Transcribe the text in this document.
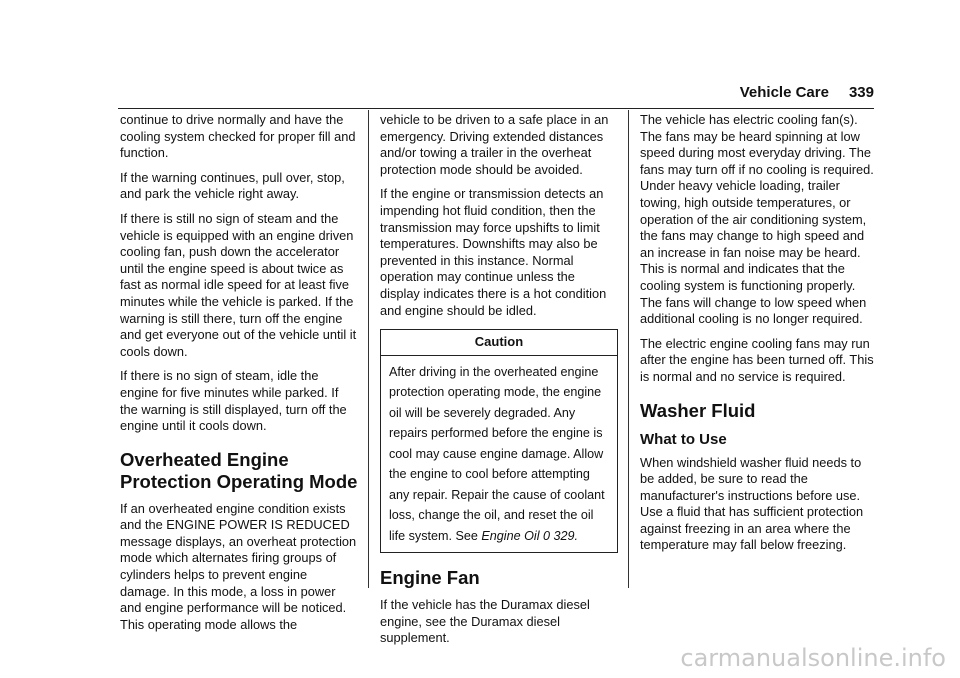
Vehicle Care 339

continue to drive normally and have the cooling system checked for proper fill and function.

If the warning continues, pull over, stop, and park the vehicle right away.

If there is still no sign of steam and the vehicle is equipped with an engine driven cooling fan, push down the accelerator until the engine speed is about twice as fast as normal idle speed for at least five minutes while the vehicle is parked. If the warning is still there, turn off the engine and get everyone out of the vehicle until it cools down.

If there is no sign of steam, idle the engine for five minutes while parked. If the warning is still displayed, turn off the engine until it cools down.

Overheated Engine Protection Operating Mode

If an overheated engine condition exists and the ENGINE POWER IS REDUCED message displays, an overheat protection mode which alternates firing groups of cylinders helps to prevent engine damage. In this mode, a loss in power and engine performance will be noticed. This operating mode allows the

vehicle to be driven to a safe place in an emergency. Driving extended distances and/or towing a trailer in the overheat protection mode should be avoided.

If the engine or transmission detects an impending hot fluid condition, then the transmission may force upshifts to limit temperatures. Downshifts may also be prevented in this instance. Normal operation may continue unless the display indicates there is a hot condition and engine should be idled.

Caution
After driving in the overheated engine protection operating mode, the engine oil will be severely degraded. Any repairs performed before the engine is cool may cause engine damage. Allow the engine to cool before attempting any repair. Repair the cause of coolant loss, change the oil, and reset the oil life system. See Engine Oil 0 329.
Engine Fan

If the vehicle has the Duramax diesel engine, see the Duramax diesel supplement.

The vehicle has electric cooling fan(s). The fans may be heard spinning at low speed during most everyday driving. The fans may turn off if no cooling is required. Under heavy vehicle loading, trailer towing, high outside temperatures, or operation of the air conditioning system, the fans may change to high speed and an increase in fan noise may be heard. This is normal and indicates that the cooling system is functioning properly. The fans will change to low speed when additional cooling is no longer required.

The electric engine cooling fans may run after the engine has been turned off. This is normal and no service is required.

Washer Fluid
What to Use

When windshield washer fluid needs to be added, be sure to read the manufacturer's instructions before use. Use a fluid that has sufficient protection against freezing in an area where the temperature may fall below freezing.

carmanualsonline.info
